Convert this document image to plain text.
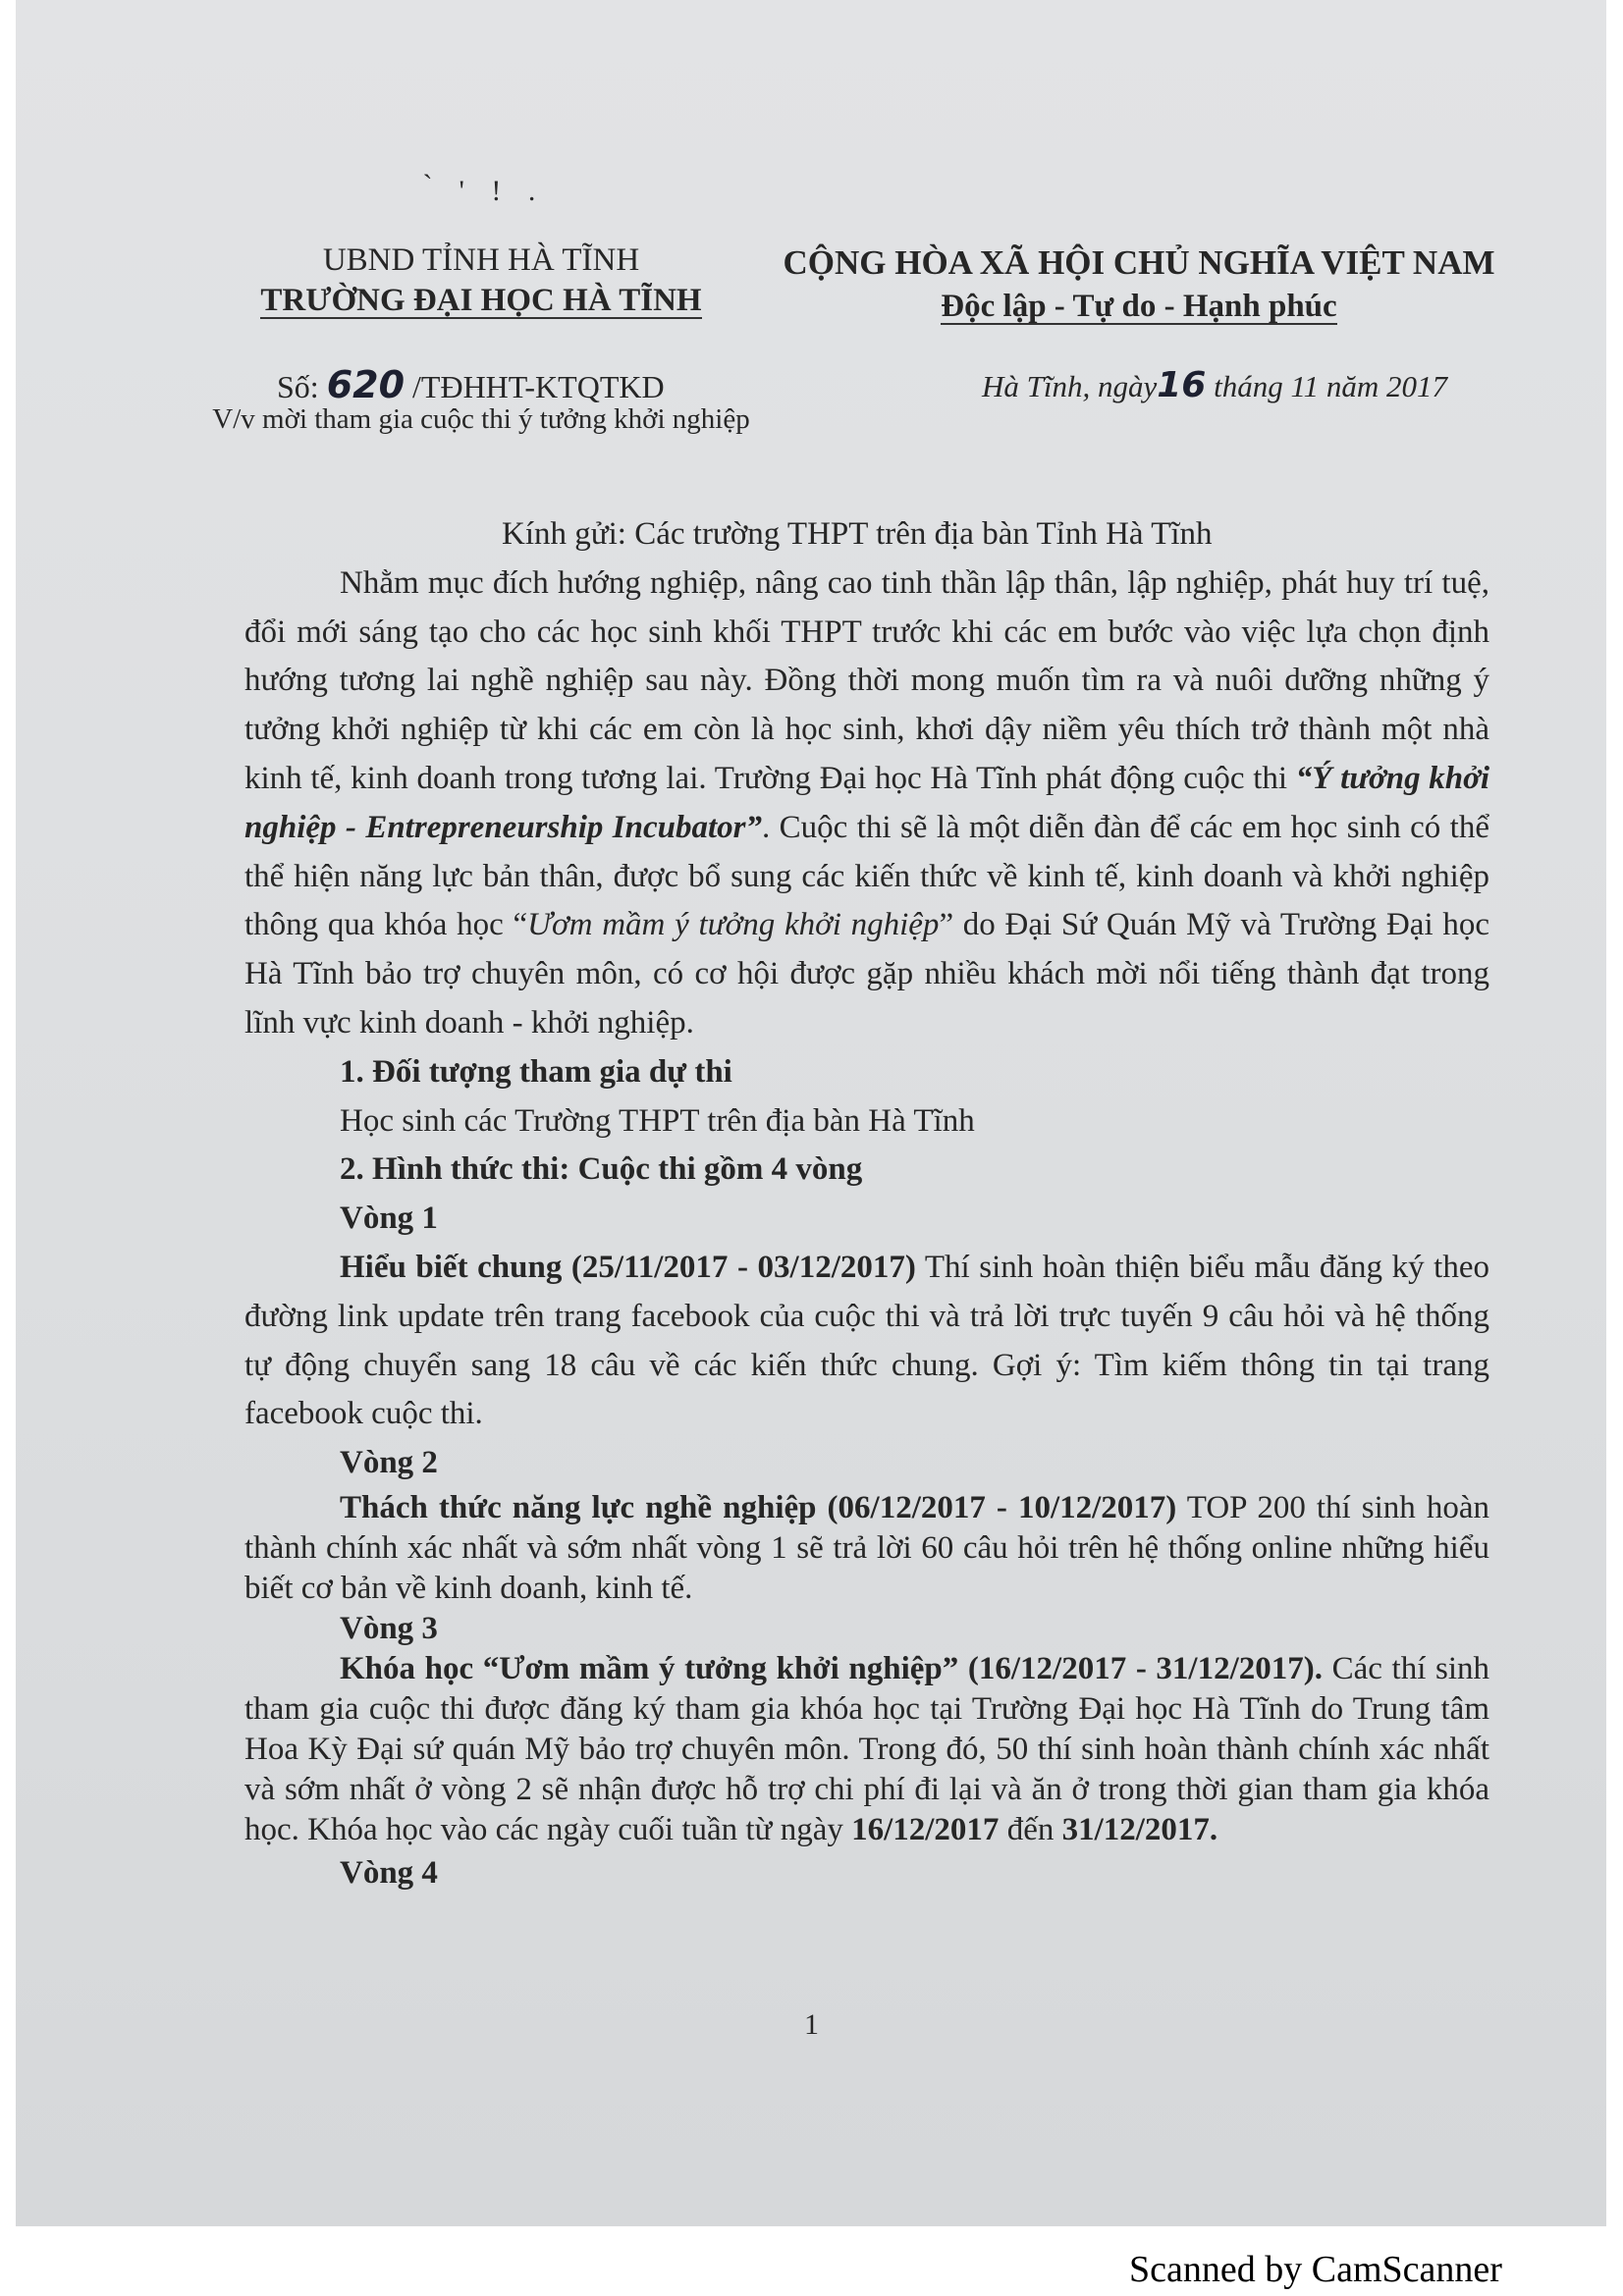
̀ ' ! .
UBND TỈNH HÀ TĨNH
TRƯỜNG ĐẠI HỌC HÀ TĨNH
CỘNG HÒA XÃ HỘI CHỦ NGHĨA VIỆT NAM
Độc lập - Tự do - Hạnh phúc
Số: 620 /TĐHHT-KTQTKD
V/v mời tham gia cuộc thi ý tưởng khởi nghiệp
Hà Tĩnh, ngày16 tháng 11 năm 2017

Kính gửi: Các trường THPT trên địa bàn Tỉnh Hà Tĩnh

Nhằm mục đích hướng nghiệp, nâng cao tinh thần lập thân, lập nghiệp, phát huy trí tuệ, đổi mới sáng tạo cho các học sinh khối THPT trước khi các em bước vào việc lựa chọn định hướng tương lai nghề nghiệp sau này. Đồng thời mong muốn tìm ra và nuôi dưỡng những ý tưởng khởi nghiệp từ khi các em còn là học sinh, khơi dậy niềm yêu thích trở thành một nhà kinh tế, kinh doanh trong tương lai. Trường Đại học Hà Tĩnh phát động cuộc thi “Ý tưởng khởi nghiệp - Entrepreneurship Incubator”. Cuộc thi sẽ là một diễn đàn để các em học sinh có thể thể hiện năng lực bản thân, được bổ sung các kiến thức về kinh tế, kinh doanh và khởi nghiệp thông qua khóa học “Ươm mầm ý tưởng khởi nghiệp” do Đại Sứ Quán Mỹ và Trường Đại học Hà Tĩnh bảo trợ chuyên môn, có cơ hội được gặp nhiều khách mời nổi tiếng thành đạt trong lĩnh vực kinh doanh - khởi nghiệp.

1. Đối tượng tham gia dự thi

Học sinh các Trường THPT trên địa bàn Hà Tĩnh

2. Hình thức thi: Cuộc thi gồm 4 vòng

Vòng 1

Hiểu biết chung (25/11/2017 - 03/12/2017) Thí sinh hoàn thiện biểu mẫu đăng ký theo đường link update trên trang facebook của cuộc thi và trả lời trực tuyến 9 câu hỏi và hệ thống tự động chuyển sang 18 câu về các kiến thức chung. Gợi ý: Tìm kiếm thông tin tại trang facebook cuộc thi.

Vòng 2

Thách thức năng lực nghề nghiệp (06/12/2017 - 10/12/2017) TOP 200 thí sinh hoàn thành chính xác nhất và sớm nhất vòng 1 sẽ trả lời 60 câu hỏi trên hệ thống online những hiểu biết cơ bản về kinh doanh, kinh tế.

Vòng 3

Khóa học “Ươm mầm ý tưởng khởi nghiệp” (16/12/2017 - 31/12/2017). Các thí sinh tham gia cuộc thi được đăng ký tham gia khóa học tại Trường Đại học Hà Tĩnh do Trung tâm Hoa Kỳ Đại sứ quán Mỹ bảo trợ chuyên môn. Trong đó, 50 thí sinh hoàn thành chính xác nhất và sớm nhất ở vòng 2 sẽ nhận được hỗ trợ chi phí đi lại và ăn ở trong thời gian tham gia khóa học. Khóa học vào các ngày cuối tuần từ ngày 16/12/2017 đến 31/12/2017.

Vòng 4

1
Scanned by CamScanner
